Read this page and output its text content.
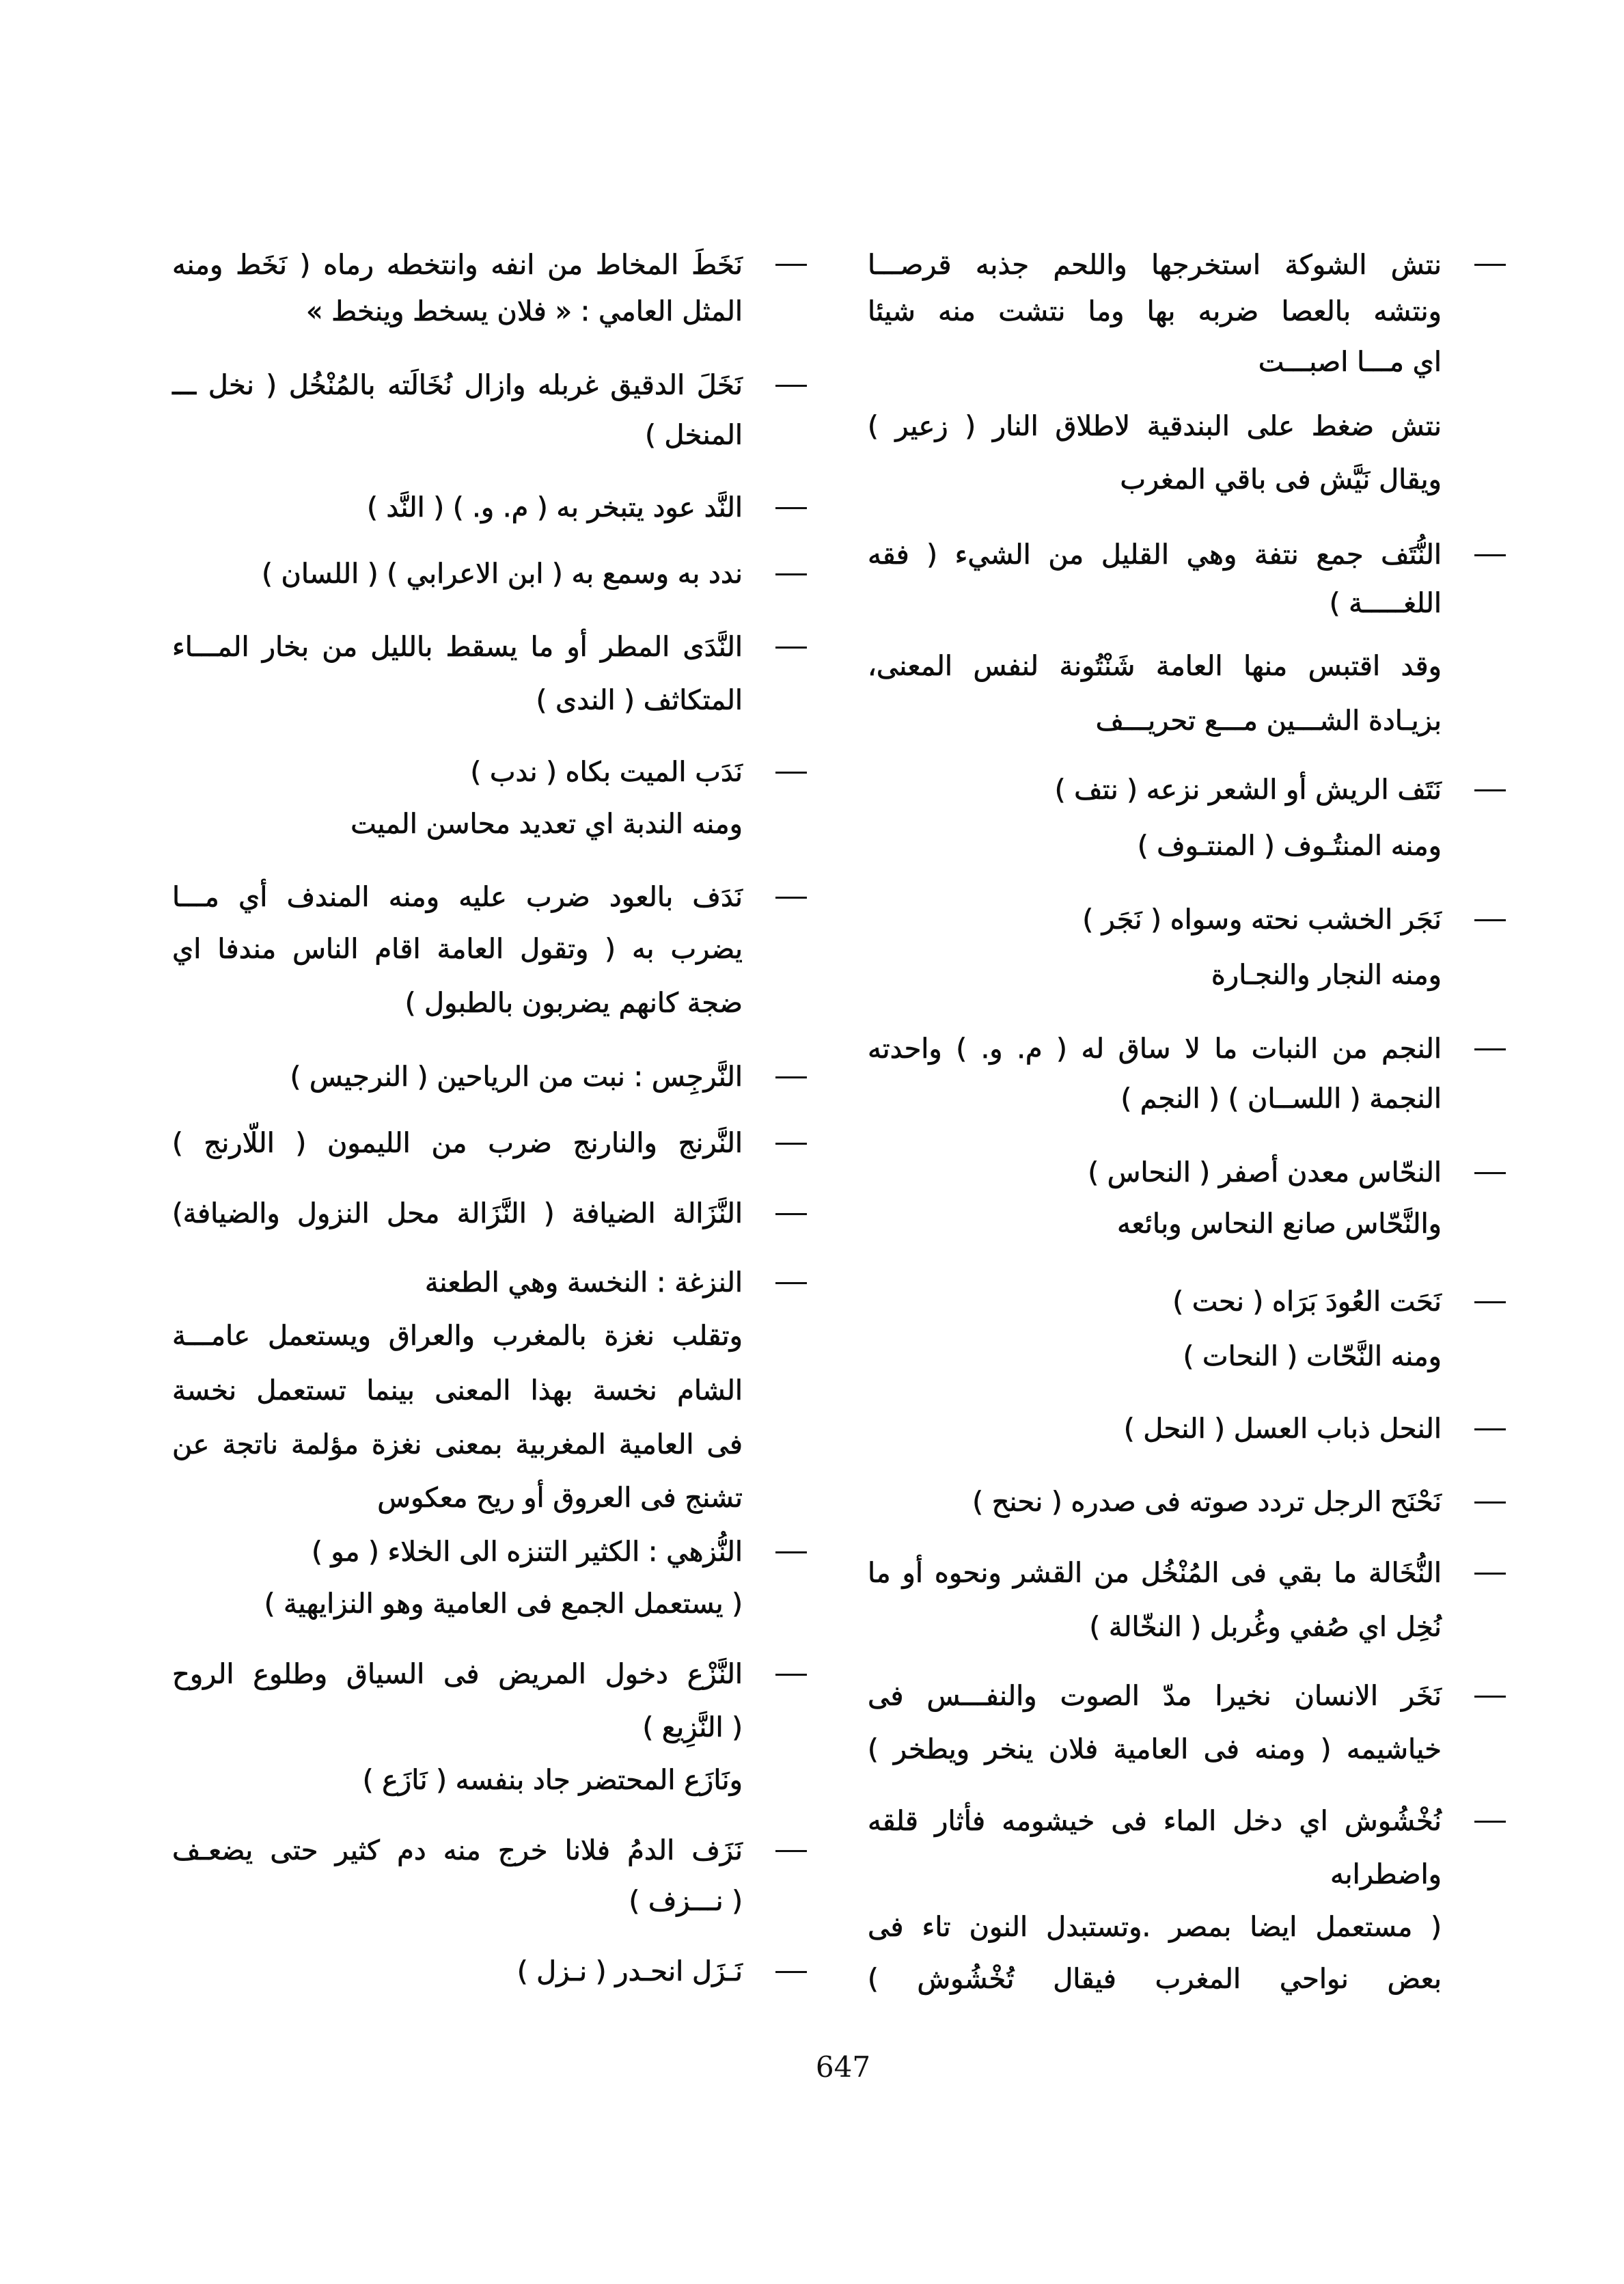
نتش الشوكة استخرجها واللحم جذبه قرصـــا
ونتشه بالعصا ضربه بها وما نتشت منه شيئا
اي مـــا اصبـــت
نتش ضغط على البندقية لاطلاق النار ( زعير )
ويقال نَيَّش فى باقي المغرب
النُّتَف جمع نتفة وهي القليل من الشيء ( فقه
اللغـــــة )
وقد اقتبس منها العامة شَنْتُونة لنفس المعنى،
بزيـادة الشـــين مـــع تحريـــف
نَتَف الريش أو الشعر نزعه ( نتف )
ومنه المنتُـوف ( المنتـوف )
نَجَر الخشب نحته وسواه ( نَجَر )
ومنه النجار والنجـارة
النجم من النبات ما لا ساق له ( م. و. ) واحدته
النجمة ( اللســان ) ( النجم )
النحّاس معدن أصفر ( النحاس )
والنَّحّاس صانع النحاس وبائعه
نَحَت العُودَ بَرَاه ( نحت )
ومنه النَّحّات ( النحات )
النحل ذباب العسل ( النحل )
نَحْنَح الرجل تردد صوته فى صدره ( نحنح )
النُّخَالة ما بقي فى المُنْخُل من القشر ونحوه أو ما
نُخِل اي صُفي وغُربل ( النخّالة )
نَخَر الانسان نخيرا مدّ الصوت والنفـــس فى
خياشيمه ( ومنه فى العامية فلان ينخر ويطخر )
نُخْشُوش اي دخل الماء فى خيشومه فأثار قلقه
واضطرابه
( مستعمل ايضا بمصر .وتستبدل النون تاء فى
بعض نواحي المغرب فيقال تُخْشُوش )
نَخَطَ المخاط من انفه وانتخطه رماه ( نَخَط ومنه
المثل العامي : « فلان يسخط وينخط »
نَخَلَ الدقيق غربله وازال نُخَالَته بالمُنْخُل ( نخل ـــ
المنخل )
النَّد عود يتبخر به ( م. و. ) ( النَّد )
ندد به وسمع به ( ابن الاعرابي ) ( اللسان )
النَّدَى المطر أو ما يسقط بالليل من بخار المـــاء
المتكاثف ( الندى )
نَدَب الميت بكاه ( ندب )
ومنه الندبة اي تعديد محاسن الميت
نَدَف بالعود ضرب عليه ومنه المندف أي مـــا
يضرب به ( وتقول العامة اقام الناس مندفا اي
ضجة كانهم يضربون بالطبول )
النَّرجِس : نبت من الرياحين ( النرجيس )
النَّرنج والنارنج ضرب من الليمون ( اللّارنج )
النَّزَالة الضيافة ( النَّزَالة محل النزول والضيافة)
النزغة : النخسة وهي الطعنة
وتقلب نغزة بالمغرب والعراق ويستعمل عامـــة
الشام نخسة بهذا المعنى بينما تستعمل نخسة
فى العامية المغربية بمعنى نغزة مؤلمة ناتجة عن
تشنج فى العروق أو ريح معكوس
النُّزهي : الكثير التنزه الى الخلاء ( مو )
( يستعمل الجمع فى العامية وهو النزايهية )
النَّزْع دخول المريض فى السياق وطلوع الروح
( النَّزِيع )
ونَازَع المحتضر جاد بنفسه ( نَازَع )
نَزَف الدمُ فلانا خرج منه دم كثير حتى يضعـف
( نـــزف )
نَـزَل انحـدر ( نـزل )
647
